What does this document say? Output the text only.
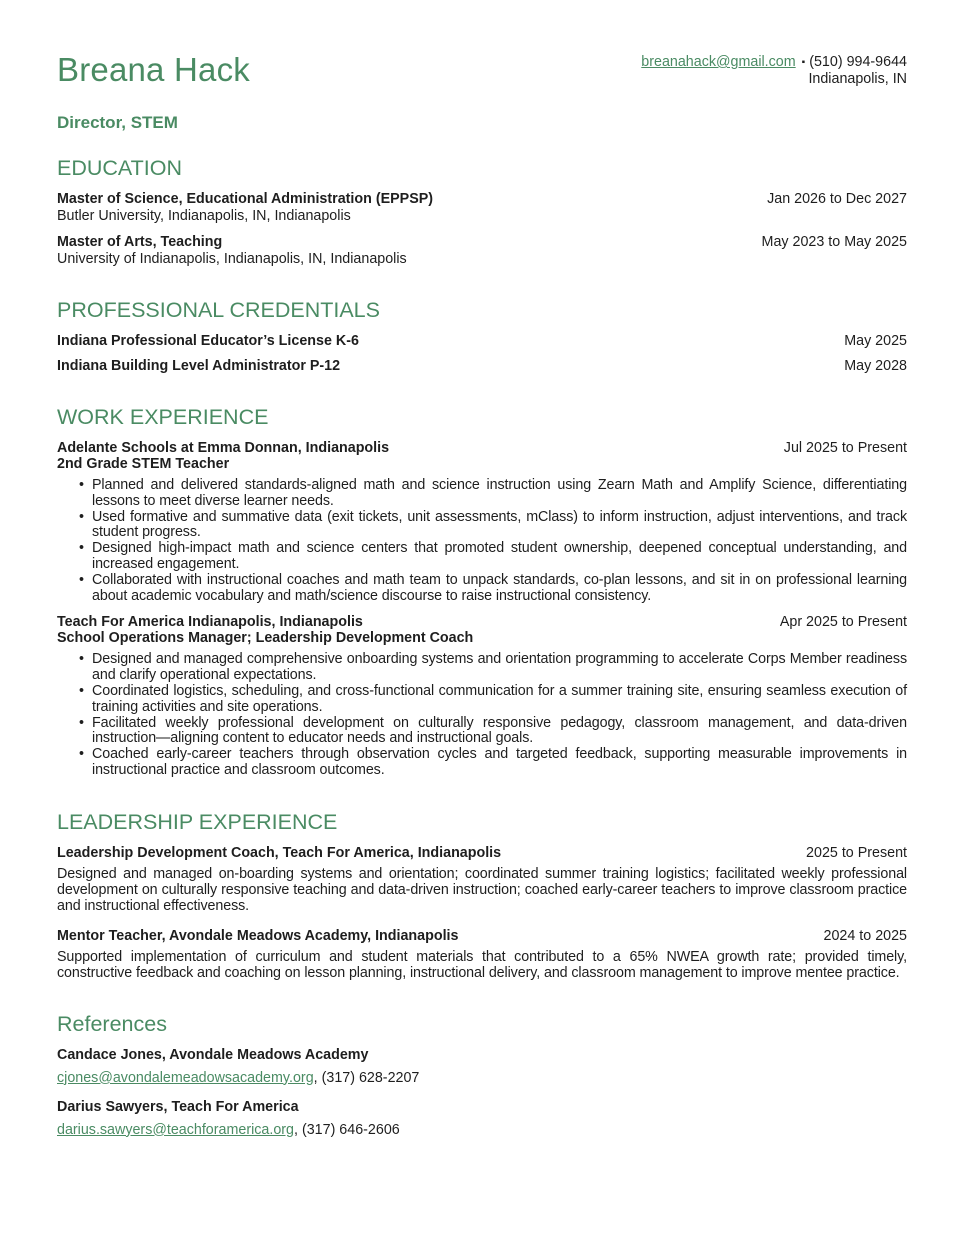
Breana Hack	breanahack@gmail.com ▪ (510) 994-9644
Indianapolis, IN
Director, STEM
EDUCATION
Master of Science, Educational Administration (EPPSP)	Jan 2026 to Dec 2027
Butler University, Indianapolis, IN, Indianapolis
Master of Arts, Teaching	May 2023 to May 2025
University of Indianapolis, Indianapolis, IN, Indianapolis
PROFESSIONAL CREDENTIALS
Indiana Professional Educator’s License K-6	May 2025
Indiana Building Level Administrator P-12	May 2028
WORK EXPERIENCE
Adelante Schools at Emma Donnan, Indianapolis	Jul 2025 to Present
2nd Grade STEM Teacher
• Planned and delivered standards-aligned math and science instruction using Zearn Math and Amplify Science, differentiating lessons to meet diverse learner needs.
• Used formative and summative data (exit tickets, unit assessments, mClass) to inform instruction, adjust interventions, and track student progress.
• Designed high-impact math and science centers that promoted student ownership, deepened conceptual understanding, and increased engagement.
• Collaborated with instructional coaches and math team to unpack standards, co-plan lessons, and sit in on professional learning about academic vocabulary and math/science discourse to raise instructional consistency.
Teach For America Indianapolis, Indianapolis	Apr 2025 to Present
School Operations Manager; Leadership Development Coach
• Designed and managed comprehensive onboarding systems and orientation programming to accelerate Corps Member readiness and clarify operational expectations.
• Coordinated logistics, scheduling, and cross-functional communication for a summer training site, ensuring seamless execution of training activities and site operations.
• Facilitated weekly professional development on culturally responsive pedagogy, classroom management, and data-driven instruction—aligning content to educator needs and instructional goals.
• Coached early-career teachers through observation cycles and targeted feedback, supporting measurable improvements in instructional practice and classroom outcomes.
LEADERSHIP EXPERIENCE
Leadership Development Coach, Teach For America, Indianapolis	2025 to Present
Designed and managed on-boarding systems and orientation; coordinated summer training logistics; facilitated weekly professional development on culturally responsive teaching and data-driven instruction; coached early-career teachers to improve classroom practice and instructional effectiveness.
Mentor Teacher, Avondale Meadows Academy, Indianapolis	2024 to 2025
Supported implementation of curriculum and student materials that contributed to a 65% NWEA growth rate; provided timely, constructive feedback and coaching on lesson planning, instructional delivery, and classroom management to improve mentee practice.
References
Candace Jones, Avondale Meadows Academy
cjones@avondalemeadowsacademy.org, (317) 628-2207
Darius Sawyers, Teach For America
darius.sawyers@teachforamerica.org, (317) 646-2606
